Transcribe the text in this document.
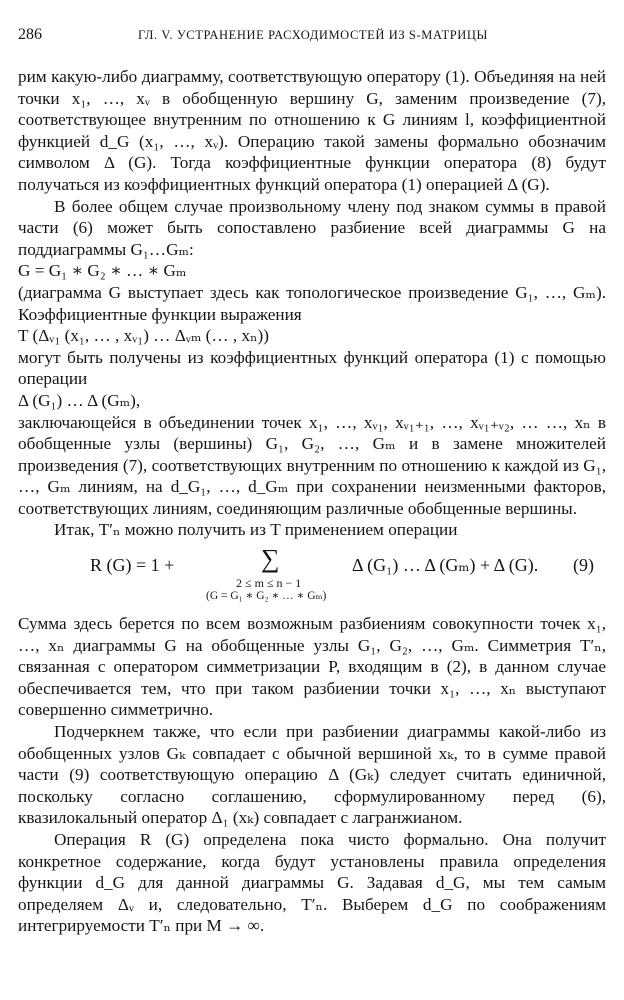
286	ГЛ. V. УСТРАНЕНИЕ РАСХОДИМОСТЕЙ ИЗ S-МАТРИЦЫ

рим какую-либо диаграмму, соответствующую оператору (1). Объединяя на ней точки x₁, …, xᵥ в обобщенную вершину G, заменим произведение (7), соответствующее внутренним по отношению к G линиям l, коэффициентной функцией d_G (x₁, …, xᵥ). Операцию такой замены формально обозначим символом Δ (G). Тогда коэффициентные функции оператора (8) будут получаться из коэффициентных функций оператора (1) операцией Δ (G).

В более общем случае произвольному члену под знаком суммы в правой части (6) может быть сопоставлено разбиение всей диаграммы G на поддиаграммы G₁…Gₘ:

G = G₁ ∗ G₂ ∗ … ∗ Gₘ

(диаграмма G выступает здесь как топологическое произведение G₁, …, Gₘ). Коэффициентные функции выражения

T (Δᵥ₁ (x₁, … , xᵥ₁) … Δᵥₘ (… , xₙ))

могут быть получены из коэффициентных функций оператора (1) с помощью операции

Δ (G₁) … Δ (Gₘ),

заключающейся в объединении точек x₁, …, xᵥ₁, xᵥ₁₊₁, …, xᵥ₁₊ᵥ₂, … …, xₙ в обобщенные узлы (вершины) G₁, G₂, …, Gₘ и в замене множителей произведения (7), соответствующих внутренним по отношению к каждой из G₁, …, Gₘ линиям, на d_G₁, …, d_Gₘ при сохранении неизменными факторов, соответствующих линиям, соединяющим различные обобщенные вершины.

Итак, T′ₙ можно получить из T применением операции

R (G) = 1 +	∑
2 ≤ m ≤ n − 1
(G = G₁ ∗ G₂ ∗ … ∗ Gₘ)
Δ (G₁) … Δ (Gₘ) + Δ (G). (9)

Сумма здесь берется по всем возможным разбиениям совокупности точек x₁, …, xₙ диаграммы G на обобщенные узлы G₁, G₂, …, Gₘ. Симметрия T′ₙ, связанная с оператором симметризации P, входящим в (2), в данном случае обеспечивается тем, что при таком разбиении точки x₁, …, xₙ выступают совершенно симметрично.

Подчеркнем также, что если при разбиении диаграммы какой-либо из обобщенных узлов Gₖ совпадает с обычной вершиной xₖ, то в сумме правой части (9) соответствующую операцию Δ (Gₖ) следует считать единичной, поскольку согласно соглашению, сформулированному перед (6), квазилокальный оператор Δ₁ (xₖ) совпадает с лагранжианом.

Операция R (G) определена пока чисто формально. Она получит конкретное содержание, когда будут установлены правила определения функции d_G для данной диаграммы G. Задавая d_G, мы тем самым определяем Δᵥ и, следовательно, T′ₙ. Выберем d_G по соображениям интегрируемости T′ₙ при M → ∞.
